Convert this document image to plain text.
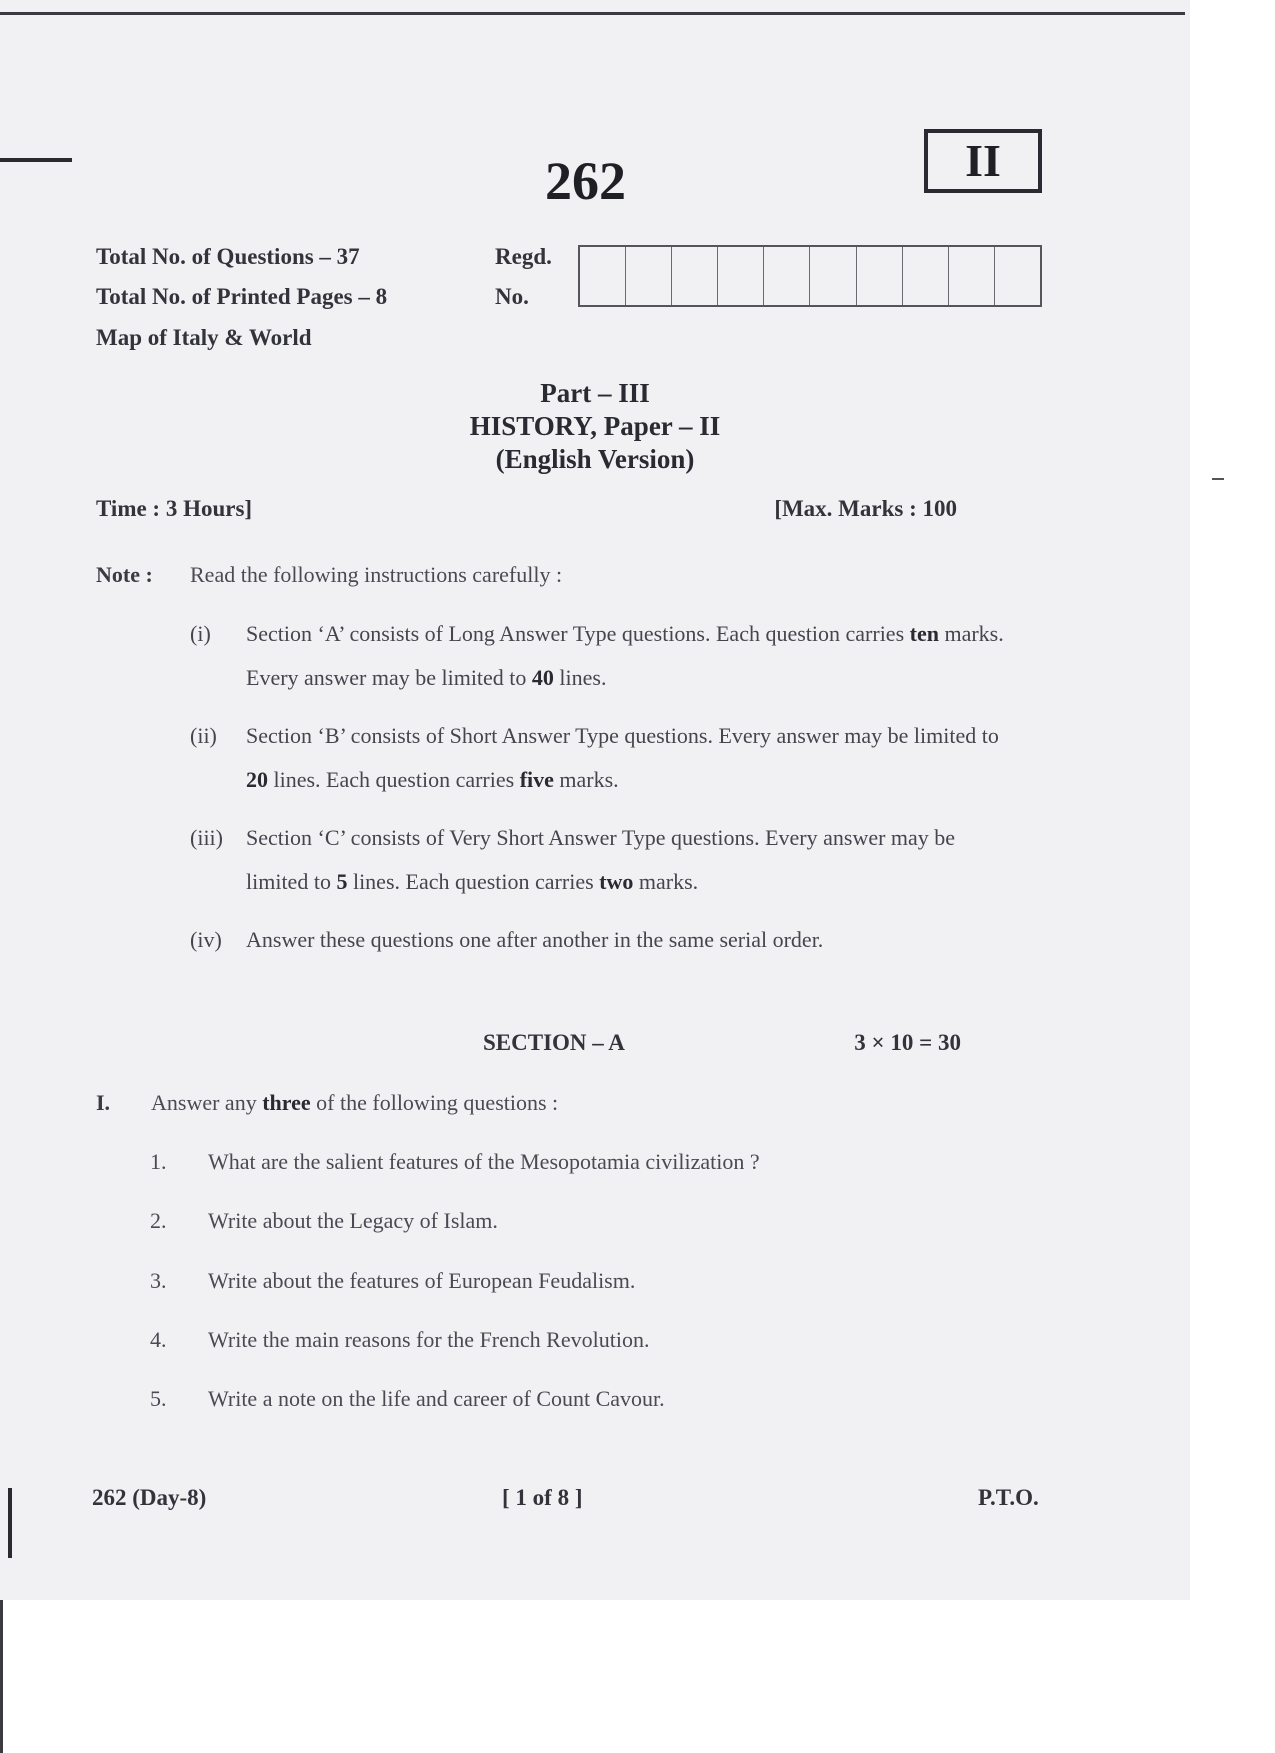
262	II
Total No. of Questions – 37
Total No. of Printed Pages – 8
Map of Italy & World
Regd.
No.
Part – III
HISTORY, Paper – II
(English Version)
Time : 3 Hours]	[Max. Marks : 100
Note : Read the following instructions carefully :
(i) Section ‘A’ consists of Long Answer Type questions. Each question carries ten marks. Every answer may be limited to 40 lines.
(ii) Section ‘B’ consists of Short Answer Type questions. Every answer may be limited to 20 lines. Each question carries five marks.
(iii) Section ‘C’ consists of Very Short Answer Type questions. Every answer may be limited to 5 lines. Each question carries two marks.
(iv) Answer these questions one after another in the same serial order.
SECTION – A	3 × 10 = 30
I. Answer any three of the following questions :
1. What are the salient features of the Mesopotamia civilization ?
2. Write about the Legacy of Islam.
3. Write about the features of European Feudalism.
4. Write the main reasons for the French Revolution.
5. Write a note on the life and career of Count Cavour.
262 (Day-8)	[ 1 of 8 ]	P.T.O.
